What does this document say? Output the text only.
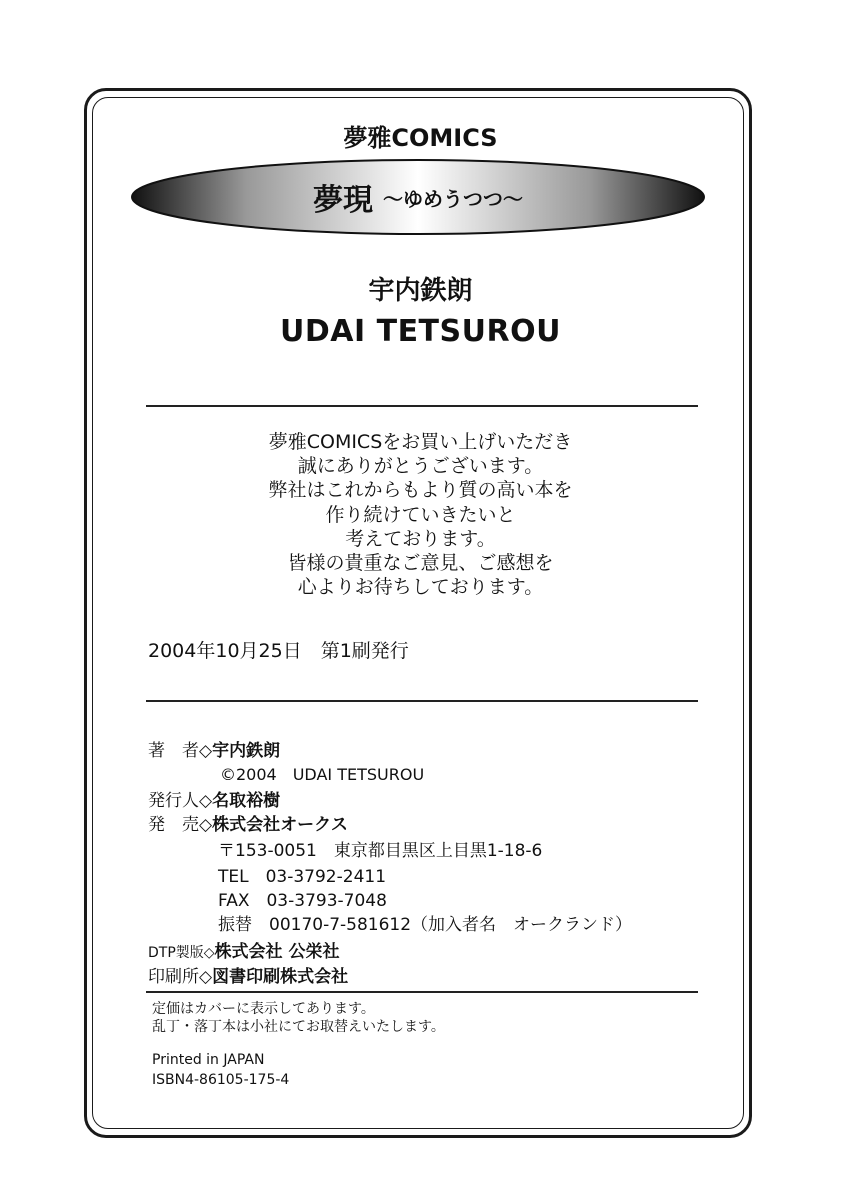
夢雅COMICS
夢現 〜ゆめうつつ〜
宇内鉄朗
UDAI TETSUROU
夢雅COMICSをお買い上げいただき
誠にありがとうございます。
弊社はこれからもより質の高い本を
作り続けていきたいと
考えております。
皆様の貴重なご意見、ご感想を
心よりお待ちしております。
2004年10月25日　第1刷発行
著　者◇宇内鉄朗
©2004　UDAI TETSUROU
発行人◇名取裕樹
発　売◇株式会社オークス
〒153-0051　東京都目黒区上目黒1-18-6
TEL　03-3792-2411
FAX　03-3793-7048
振替　00170-7-581612（加入者名　オークランド）
DTP製版◇株式会社 公栄社
印刷所◇図書印刷株式会社
定価はカバーに表示してあります。
乱丁・落丁本は小社にてお取替えいたします。
Printed in JAPAN
ISBN4-86105-175-4
